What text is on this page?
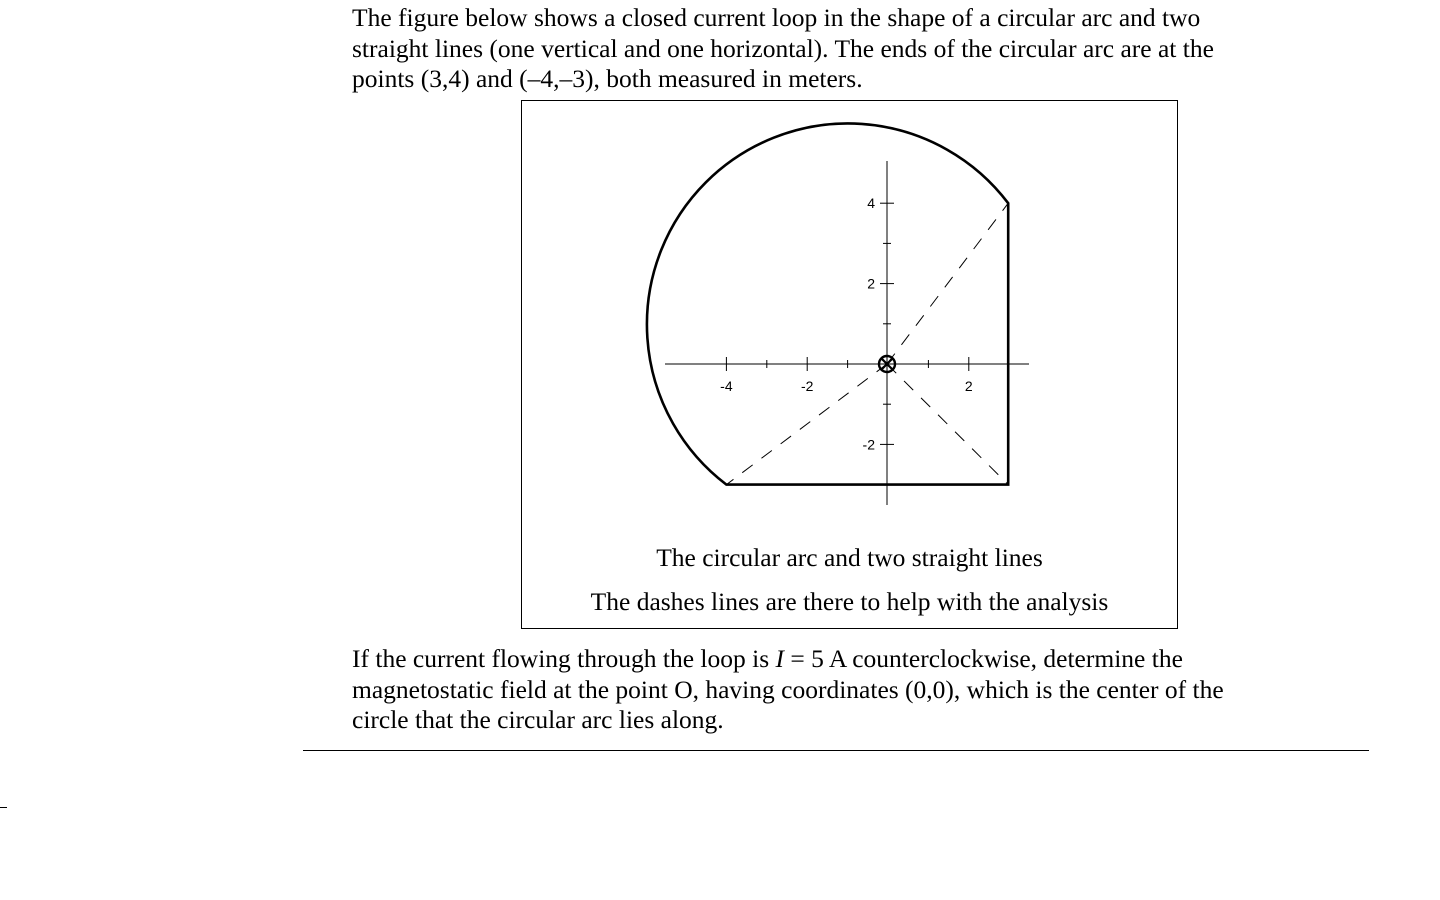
The figure below shows a closed current loop in the shape of a circular arc and two
straight lines (one vertical and one horizontal). The ends of the circular arc are at the
points (3,4) and (–4,–3), both measured in meters.
-4	-2	2
4
2
-2
The circular arc and two straight lines
The dashes lines are there to help with the analysis
If the current flowing through the loop is I = 5 A counterclockwise, determine the
magnetostatic field at the point O, having coordinates (0,0), which is the center of the
circle that the circular arc lies along.
